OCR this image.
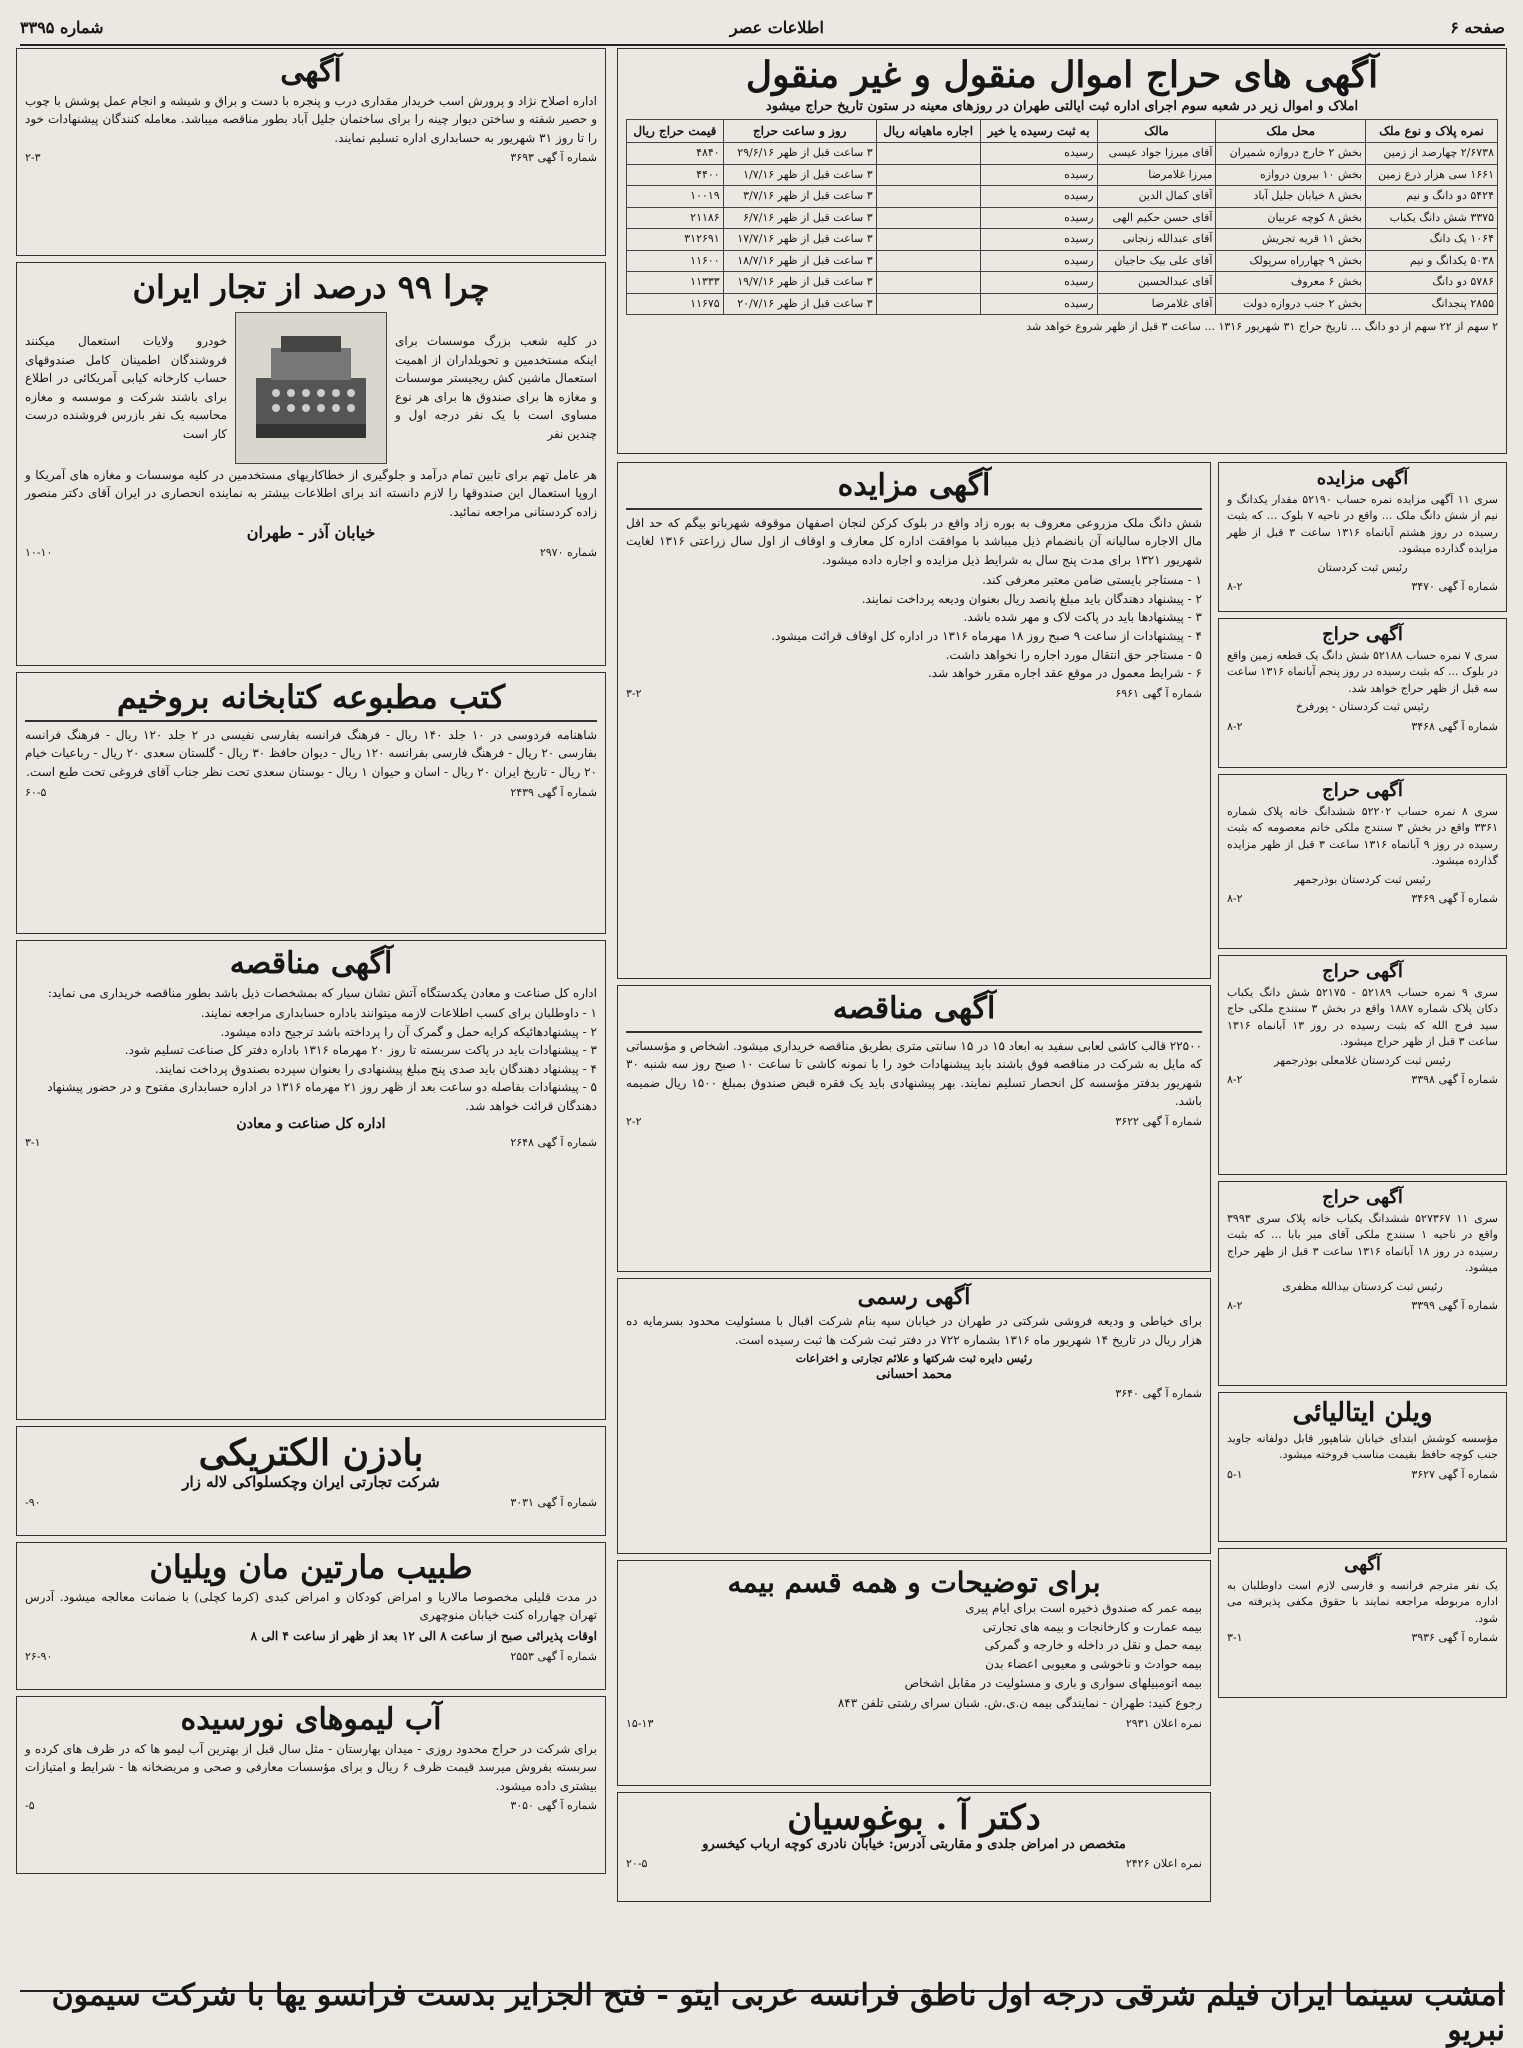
صفحه ۶
اطلاعات عصر
شماره ۳۳۹۵
آگهی های حراج اموال منقول و غیر منقول
املاک و اموال زیر در شعبه سوم اجرای اداره ثبت ایالتی طهران در روزهای معینه در ستون تاریخ حراج میشود
نمره پلاک و نوع ملک	محل ملک	مالک	به ثبت رسیده یا خیر	اجاره ماهیانه ریال	روز و ساعت حراج	قیمت حراج ریال
۲/۶۷۳۸ چهارصد از زمین	بخش ۲ خارج دروازه شمیران	آقای میرزا جواد عیسی	رسیده		۳ ساعت قبل از ظهر ۲۹/۶/۱۶	۴۸۴۰
۱۶۶۱ سی هزار ذرع زمین	بخش ۱۰ بیرون دروازه	میرزا غلامرضا	رسیده		۳ ساعت قبل از ظهر ۱/۷/۱۶	۴۴۰۰
۵۴۲۴ دو دانگ و نیم	بخش ۸ خیابان جلیل آباد	آقای کمال الدین	رسیده		۳ ساعت قبل از ظهر ۳/۷/۱۶	۱۰۰۱۹
۳۳۷۵ شش دانگ یکباب	بخش ۸ کوچه عربیان	آقای حسن حکیم الهی	رسیده		۳ ساعت قبل از ظهر ۶/۷/۱۶	۲۱۱۸۶
۱۰۶۴ یک دانگ	بخش ۱۱ قریه تجریش	آقای عبدالله زنجانی	رسیده		۳ ساعت قبل از ظهر ۱۷/۷/۱۶	۳۱۲۶۹۱
۵۰۳۸ یکدانگ و نیم	بخش ۹ چهارراه سرپولک	آقای علی بیک حاجیان	رسیده		۳ ساعت قبل از ظهر ۱۸/۷/۱۶	۱۱۶۰۰
۵۷۸۶ دو دانگ	بخش ۶ معروف	آقای عبدالحسین	رسیده		۳ ساعت قبل از ظهر ۱۹/۷/۱۶	۱۱۳۳۳
۲۸۵۵ پنجدانگ	بخش ۲ جنب دروازه دولت	آقای غلامرضا	رسیده		۳ ساعت قبل از ظهر ۲۰/۷/۱۶	۱۱۶۷۵
۲ سهم از ۲۲ سهم از دو دانگ ... تاریخ حراج ۳۱ شهریور ۱۳۱۶ ... ساعت ۳ قبل از ظهر شروع خواهد شد
آگهی
اداره اصلاح نژاد و پرورش اسب خریدار مقداری درب و پنجره با دست و براق و شیشه و انجام عمل پوشش با چوب و حصیر شفته و ساختن دیوار چینه را برای ساختمان جلیل آباد بطور مناقصه میباشد. معامله کنندگان پیشنهادات خود را تا روز ۳۱ شهریور به حسابداری اداره تسلیم نمایند.
شماره آ گهی ۳۶۹۳
۲-۳
چرا ۹۹ درصد از تجار ایران
در کلیه شعب بزرگ موسسات برای اینکه مستخدمین و تحویلداران از اهمیت استعمال ماشین کش ریجیستر موسسات و مغازه ها برای صندوق ها برای هر نوع مساوی است با یک نفر درجه اول و چندین نفر
خودرو ولایات استعمال میکنند فروشندگان اطمینان کامل صندوقهای حساب کارخانه کیابی آمریکائی در اطلاع برای باشند شرکت و موسسه و مغازه محاسبه یک نفر بازرس فروشنده درست کار است
هر عامل تهم برای تابین تمام درآمد و جلوگیری از خطاکاریهای مستخدمین در کلیه موسسات و مغازه های آمریکا و اروپا استعمال این صندوقها را لازم دانسته اند برای اطلاعات بیشتر به نماینده انحصاری در ایران آقای دکتر منصور زاده کردستانی مراجعه نمائید.
خیابان آذر - طهران
شماره ۲۹۷۰
۱۰-۱۰
کتب مطبوعه کتابخانه بروخیم
شاهنامه فردوسی در ۱۰ جلد ۱۴۰ ریال - فرهنگ فرانسه بفارسی نفیسی در ۲ جلد ۱۲۰ ریال - فرهنگ فرانسه بفارسی ۲۰ ریال - فرهنگ فارسی بفرانسه ۱۲۰ ریال - دیوان حافظ ۳۰ ریال - گلستان سعدی ۲۰ ریال - رباعیات خیام ۲۰ ریال - تاریخ ایران ۲۰ ریال - اسان و حیوان ۱ ریال - بوستان سعدی تحت نظر جناب آقای فروغی تحت طبع است.
شماره آ گهی ۲۴۳۹
۶۰-۵
آگهی مناقصه
اداره کل صناعت و معادن یکدستگاه آتش نشان سیار که بمشخصات ذیل باشد بطور مناقصه خریداری می نماید:
۱ - داوطلبان برای کسب اطلاعات لازمه میتوانند باداره حسابداری مراجعه نمایند.
۲ - پیشنهادهائیکه کرایه حمل و گمرک آن را پرداخته باشد ترجیح داده میشود.
۳ - پیشنهادات باید در پاکت سربسته تا روز ۲۰ مهرماه ۱۳۱۶ باداره دفتر کل صناعت تسلیم شود.
۴ - پیشنهاد دهندگان باید صدی پنج مبلغ پیشنهادی را بعنوان سپرده بصندوق پرداخت نمایند.
۵ - پیشنهادات بفاصله دو ساعت بعد از ظهر روز ۲۱ مهرماه ۱۳۱۶ در اداره حسابداری مفتوح و در حضور پیشنهاد دهندگان قرائت خواهد شد.
اداره کل صناعت و معادن
شماره آ گهی ۲۶۴۸
۳-۱
بادزن الکتریکی
شرکت تجارتی ایران وچکسلواکی لاله زار
شماره آ گهی ۳۰۳۱
۹۰-
طبیب مارتین مان ویلیان
در مدت قلیلی مخصوصا مالاریا و امراض کودکان و امراض کبدی (کرما کچلی) با ضمانت معالجه میشود. آدرس تهران چهارراه کنت خیابان منوچهری
اوقات پذیرائی صبح از ساعت ۸ الی ۱۲ بعد از ظهر از ساعت ۴ الی ۸
شماره آ گهی ۲۵۵۳
۲۶-۹۰
آب لیموهای نورسیده
برای شرکت در حراج محدود روزی - میدان بهارستان - مثل سال قبل از بهترین آب لیمو ها که در ظرف های کرده و سربسته بفروش میرسد قیمت ظرف ۶ ریال و برای مؤسسات معارفی و صحی و مریضخانه ها - شرایط و امتیازات بیشتری داده میشود.
شماره آ گهی ۳۰۵۰
۵-
امشب سینما ایران فیلم شرقی درجه اول ناطق فرانسه عربی ایتو - فتح الجزایر بدست فرانسو یها با شرکت سیمون نبریو
آگهی مزایده
سری ۱۱ آگهی مزایده نمره حساب ۵۲۱۹۰ مقدار یکدانگ و نیم از شش دانگ ملک ... واقع در ناحیه ۷ بلوک ... که بثبت رسیده در روز هشتم آبانماه ۱۳۱۶ ساعت ۳ قبل از ظهر مزایده گذارده میشود.
رئیس ثبت کردستان
شماره آ گهی ۳۴۷۰
۸-۲
آگهی حراج
سری ۷ نمره حساب ۵۲۱۸۸ شش دانگ یک قطعه زمین واقع در بلوک ... که بثبت رسیده در روز پنجم آبانماه ۱۳۱۶ ساعت سه قبل از ظهر حراج خواهد شد.
رئیس ثبت کردستان - پورفرخ
شماره آ گهی ۳۴۶۸
۸-۲
آگهی حراج
سری ۸ نمره حساب ۵۲۲۰۲ ششدانگ خانه پلاک شماره ۳۳۶۱ واقع در بخش ۳ سنندج ملکی خانم معصومه که بثبت رسیده در روز ۹ آبانماه ۱۳۱۶ ساعت ۳ قبل از ظهر مزایده گذارده میشود.
رئیس ثبت کردستان بوذرجمهر
شماره آ گهی ۳۴۶۹
۸-۲
آگهی حراج
سری ۹ نمره حساب ۵۲۱۸۹ - ۵۲۱۷۵ شش دانگ یکباب دکان پلاک شماره ۱۸۸۷ واقع در بخش ۳ سنندج ملکی حاج سید فرج الله که بثبت رسیده در روز ۱۳ آبانماه ۱۳۱۶ ساعت ۳ قبل از ظهر حراج میشود.
رئیس ثبت کردستان غلامعلی بوذرجمهر
شماره آ گهی ۳۳۹۸
۸-۲
آگهی حراج
سری ۱۱ ۵۲۷۳۶۷ ششدانگ یکباب خانه پلاک سری ۳۹۹۳ واقع در ناحیه ۱ سنندج ملکی آقای میر بابا ... که بثبت رسیده در روز ۱۸ آبانماه ۱۳۱۶ ساعت ۳ قبل از ظهر حراج میشود.
رئیس ثبت کردستان بیدالله مظفری
شماره آ گهی ۳۳۹۹
۸-۲
ویلن ایتالیائی
مؤسسه کوشش ابتدای خیابان شاهپور قابل دولفانه جاوید جنب کوچه حافظ بقیمت مناسب فروخته میشود.
شماره آ گهی ۳۶۲۷
۵-۱
آگهی
یک نفر مترجم فرانسه و فارسی لازم است داوطلبان به اداره مربوطه مراجعه نمایند با حقوق مکفی پذیرفته می شود.
شماره آ گهی ۳۹۳۶
۳-۱
آگهی مزایده
شش دانگ ملک مزروعی معروف به بوره زاد واقع در بلوک کرکن لنجان اصفهان موقوفه شهربانو بیگم که حد اقل مال الاجاره سالیانه آن بانضمام ذیل میباشد با موافقت اداره کل معارف و اوقاف از اول سال زراعتی ۱۳۱۶ لغایت شهریور ۱۳۲۱ برای مدت پنج سال به شرایط ذیل مزایده و اجاره داده میشود.
۱ - مستاجر بایستی ضامن معتبر معرفی کند.
۲ - پیشنهاد دهندگان باید مبلغ پانصد ریال بعنوان ودیعه پرداخت نمایند.
۳ - پیشنهادها باید در پاکت لاک و مهر شده باشد.
۴ - پیشنهادات از ساعت ۹ صبح روز ۱۸ مهرماه ۱۳۱۶ در اداره کل اوقاف قرائت میشود.
۵ - مستاجر حق انتقال مورد اجاره را نخواهد داشت.
۶ - شرایط معمول در موقع عقد اجاره مقرر خواهد شد.
شماره آ گهی ۶۹۶۱
۳-۲
آگهی مناقصه
۲۲۵۰۰ قالب کاشی لعابی سفید به ابعاد ۱۵ در ۱۵ سانتی متری بطریق مناقصه خریداری میشود. اشخاص و مؤسساتی که مایل به شرکت در مناقصه فوق باشند باید پیشنهادات خود را با نمونه کاشی تا ساعت ۱۰ صبح روز سه شنبه ۳۰ شهریور بدفتر مؤسسه کل انحصار تسلیم نمایند. بهر پیشنهادی باید یک فقره قبض صندوق بمبلغ ۱۵۰۰ ریال ضمیمه باشد.
شماره آ گهی ۳۶۲۲
۲-۲
آگهی رسمی
برای خیاطی و ودیعه فروشی شرکتی در طهران در خیابان سپه بنام شرکت اقبال با مسئولیت محدود بسرمایه ده هزار ریال در تاریخ ۱۴ شهریور ماه ۱۳۱۶ بشماره ۷۲۲ در دفتر ثبت شرکت ها ثبت رسیده است.
رئیس دایره ثبت شرکتها و علائم تجارتی و اختراعات
محمد احسانی
شماره آ گهی ۳۶۴۰
برای توضیحات و همه قسم بیمه
بیمه عمر که صندوق ذخیره است برای ایام پیری
بیمه عمارت و کارخانجات و بیمه های تجارتی
بیمه حمل و نقل در داخله و خارجه و گمرکی
بیمه حوادث و ناخوشی و معیوبی اعضاء بدن
بیمه اتومبیلهای سواری و باری و مسئولیت در مقابل اشخاص
رجوع کنید: طهران - نمایندگی بیمه ن.ی.ش. شبان سرای رشتی تلفن ۸۴۳
نمره اعلان ۲۹۳۱
۱۵-۱۳
دکتر آ . بوغوسیان
متخصص در امراض جلدی و مقاربتی آدرس: خیابان نادری کوچه ارباب کیخسرو
نمره اعلان ۲۴۲۶
۲۰-۵
